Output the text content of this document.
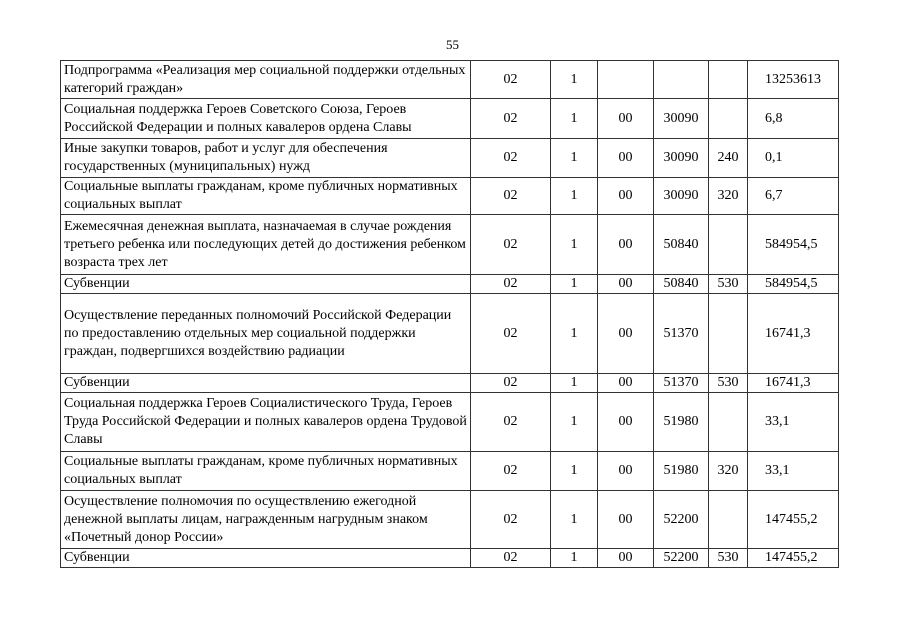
55
Подпрограмма «Реализация мер социальной поддержки отдельных категорий граждан»	02	1				13253613
Социальная поддержка Героев Советского Союза, Героев Российской Федерации и полных кавалеров ордена Славы	02	1	00	30090		6,8
Иные закупки товаров, работ и услуг для обеспечения государственных (муниципальных) нужд	02	1	00	30090	240	0,1
Социальные выплаты гражданам, кроме публичных нормативных социальных выплат	02	1	00	30090	320	6,7
Ежемесячная денежная выплата, назначаемая в случае рождения третьего ребенка или последующих детей до достижения ребенком возраста трех лет	02	1	00	50840		584954,5
Субвенции	02	1	00	50840	530	584954,5
Осуществление переданных полномочий Российской Федерации по предоставлению отдельных мер социальной поддержки граждан, подвергшихся воздействию радиации	02	1	00	51370		16741,3
Субвенции	02	1	00	51370	530	16741,3
Социальная поддержка Героев Социалистического Труда, Героев Труда Российской Федерации и полных кавалеров ордена Трудовой Славы	02	1	00	51980		33,1
Социальные выплаты гражданам, кроме публичных нормативных социальных выплат	02	1	00	51980	320	33,1
Осуществление полномочия по осуществлению ежегодной денежной выплаты лицам, награжденным нагрудным знаком «Почетный донор России»	02	1	00	52200		147455,2
Субвенции	02	1	00	52200	530	147455,2
